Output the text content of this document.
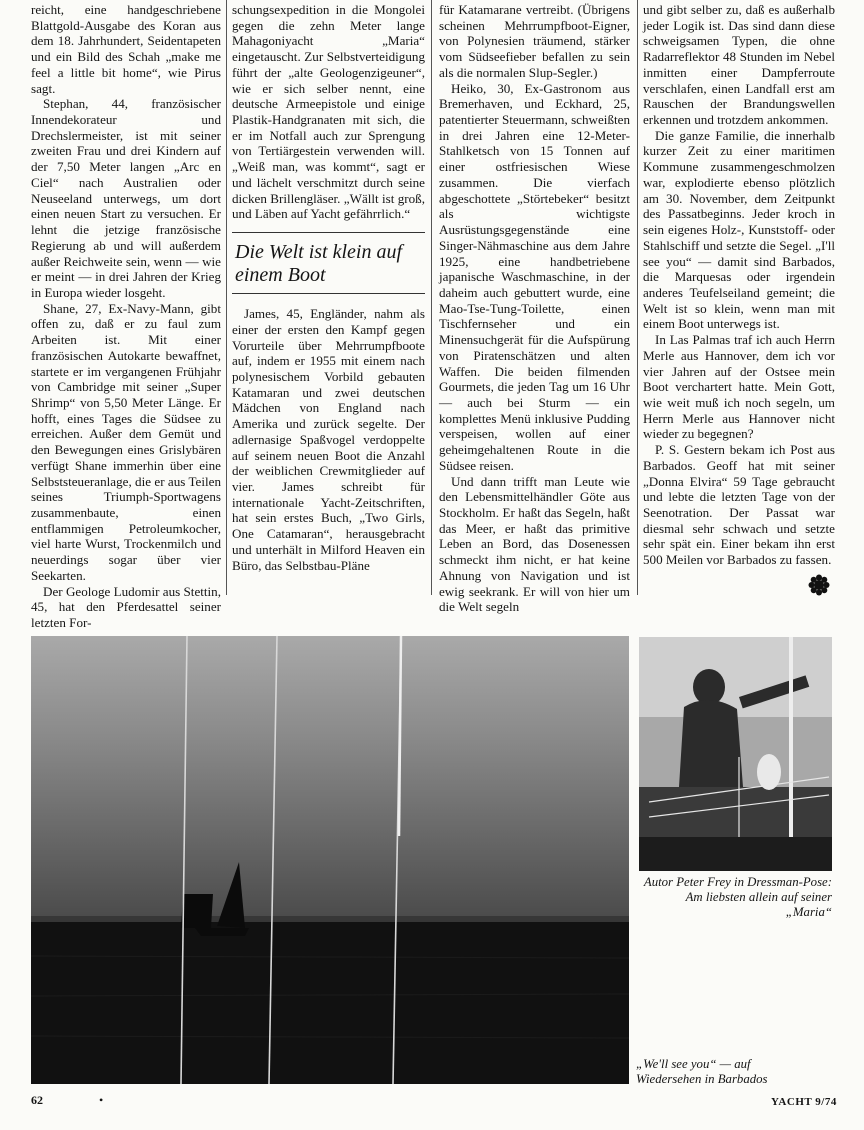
reicht, eine handgeschriebene Blattgold-Ausgabe des Koran aus dem 18. Jahrhundert, Seidentapeten und ein Bild des Schah „make me feel a little bit home“, wie Pirus sagt.

Stephan, 44, französischer Innendekorateur und Drechslermeister, ist mit seiner zweiten Frau und drei Kindern auf der 7,50 Meter langen „Arc en Ciel“ nach Australien oder Neuseeland unterwegs, um dort einen neuen Start zu versuchen. Er lehnt die jetzige französische Regierung ab und will außerdem außer Reichweite sein, wenn — wie er meint — in drei Jahren der Krieg in Europa wieder losgeht.

Shane, 27, Ex-Navy-Mann, gibt offen zu, daß er zu faul zum Arbeiten ist. Mit einer französischen Autokarte bewaffnet, startete er im vergangenen Frühjahr von Cambridge mit seiner „Super Shrimp“ von 5,50 Meter Länge. Er hofft, eines Tages die Südsee zu erreichen. Außer dem Gemüt und den Bewegungen eines Grislybären verfügt Shane immerhin über eine Selbststeueranlage, die er aus Teilen seines Triumph-Sportwagens zusammenbaute, einen entflammigen Petroleumkocher, viel harte Wurst, Trockenmilch und neuerdings sogar über vier Seekarten.

Der Geologe Ludomir aus Stettin, 45, hat den Pferdesattel seiner letzten For-

schungsexpedition in die Mongolei gegen die zehn Meter lange Mahagoniyacht „Maria“ eingetauscht. Zur Selbstverteidigung führt der „alte Geologenzigeuner“, wie er sich selber nennt, eine deutsche Armeepistole und einige Plastik-Handgranaten mit sich, die er im Notfall auch zur Sprengung von Tertiärgestein verwenden will. „Weiß man, was kommt“, sagt er und lächelt verschmitzt durch seine dicken Brillengläser. „Wällt ist groß, und Läben auf Yacht gefährrlich.“

Die Welt ist klein auf einem Boot

James, 45, Engländer, nahm als einer der ersten den Kampf gegen Vorurteile über Mehrrumpfboote auf, indem er 1955 mit einem nach polynesischem Vorbild gebauten Katamaran und zwei deutschen Mädchen von England nach Amerika und zurück segelte. Der adlernasige Spaßvogel verdoppelte auf seinem neuen Boot die Anzahl der weiblichen Crewmitglieder auf vier. James schreibt für internationale Yacht-Zeitschriften, hat sein erstes Buch, „Two Girls, One Catamaran“, herausgebracht und unterhält in Milford Heaven ein Büro, das Selbstbau-Pläne

für Katamarane vertreibt. (Übrigens scheinen Mehrrumpfboot-Eigner, von Polynesien träumend, stärker vom Südseefieber befallen zu sein als die normalen Slup-Segler.)

Heiko, 30, Ex-Gastronom aus Bremerhaven, und Eckhard, 25, patentierter Steuermann, schweißten in drei Jahren eine 12-Meter-Stahlketsch von 15 Tonnen auf einer ostfriesischen Wiese zusammen. Die vierfach abgeschottete „Störtebeker“ besitzt als wichtigste Ausrüstungsgegenstände eine Singer-Nähmaschine aus dem Jahre 1925, eine handbetriebene japanische Waschmaschine, in der daheim auch gebuttert wurde, eine Mao-Tse-Tung-Toilette, einen Tischfernseher und ein Minensuchgerät für die Aufspürung von Piratenschätzen und alten Waffen. Die beiden filmenden Gourmets, die jeden Tag um 16 Uhr — auch bei Sturm — ein komplettes Menü inklusive Pudding verspeisen, wollen auf einer geheimgehaltenen Route in die Südsee reisen.

Und dann trifft man Leute wie den Lebensmittelhändler Göte aus Stockholm. Er haßt das Segeln, haßt das Meer, er haßt das primitive Leben an Bord, das Dosenessen schmeckt ihm nicht, er hat keine Ahnung von Navigation und ist ewig seekrank. Er will von hier um die Welt segeln

und gibt selber zu, daß es außerhalb jeder Logik ist. Das sind dann diese schweigsamen Typen, die ohne Radarreflektor 48 Stunden im Nebel inmitten einer Dampferroute verschlafen, einen Landfall erst am Rauschen der Brandungswellen erkennen und trotzdem ankommen.

Die ganze Familie, die innerhalb kurzer Zeit zu einer maritimen Kommune zusammengeschmolzen war, explodierte ebenso plötzlich am 30. November, dem Zeitpunkt des Passatbeginns. Jeder kroch in sein eigenes Holz-, Kunststoff- oder Stahlschiff und setzte die Segel. „I'll see you“ — damit sind Barbados, die Marquesas oder irgendein anderes Teufelseiland gemeint; die Welt ist so klein, wenn man mit einem Boot unterwegs ist.

In Las Palmas traf ich auch Herrn Merle aus Hannover, dem ich vor vier Jahren auf der Ostsee mein Boot verchartert hatte. Mein Gott, wie weit muß ich noch segeln, um Herrn Merle aus Hannover nicht wieder zu begegnen?

P. S. Gestern bekam ich Post aus Barbados. Geoff hat mit seiner „Donna Elvira“ 59 Tage gebraucht und lebte die letzten Tage von der Seenotration. Der Passat war diesmal sehr schwach und setzte sehr spät ein. Einer bekam ihn erst 500 Meilen vor Barbados zu fassen.

Autor Peter Frey in Dressman-Pose: Am liebsten allein auf seiner „Maria“
„We'll see you“ — auf Wiedersehen in Barbados
62	•	YACHT 9/74
